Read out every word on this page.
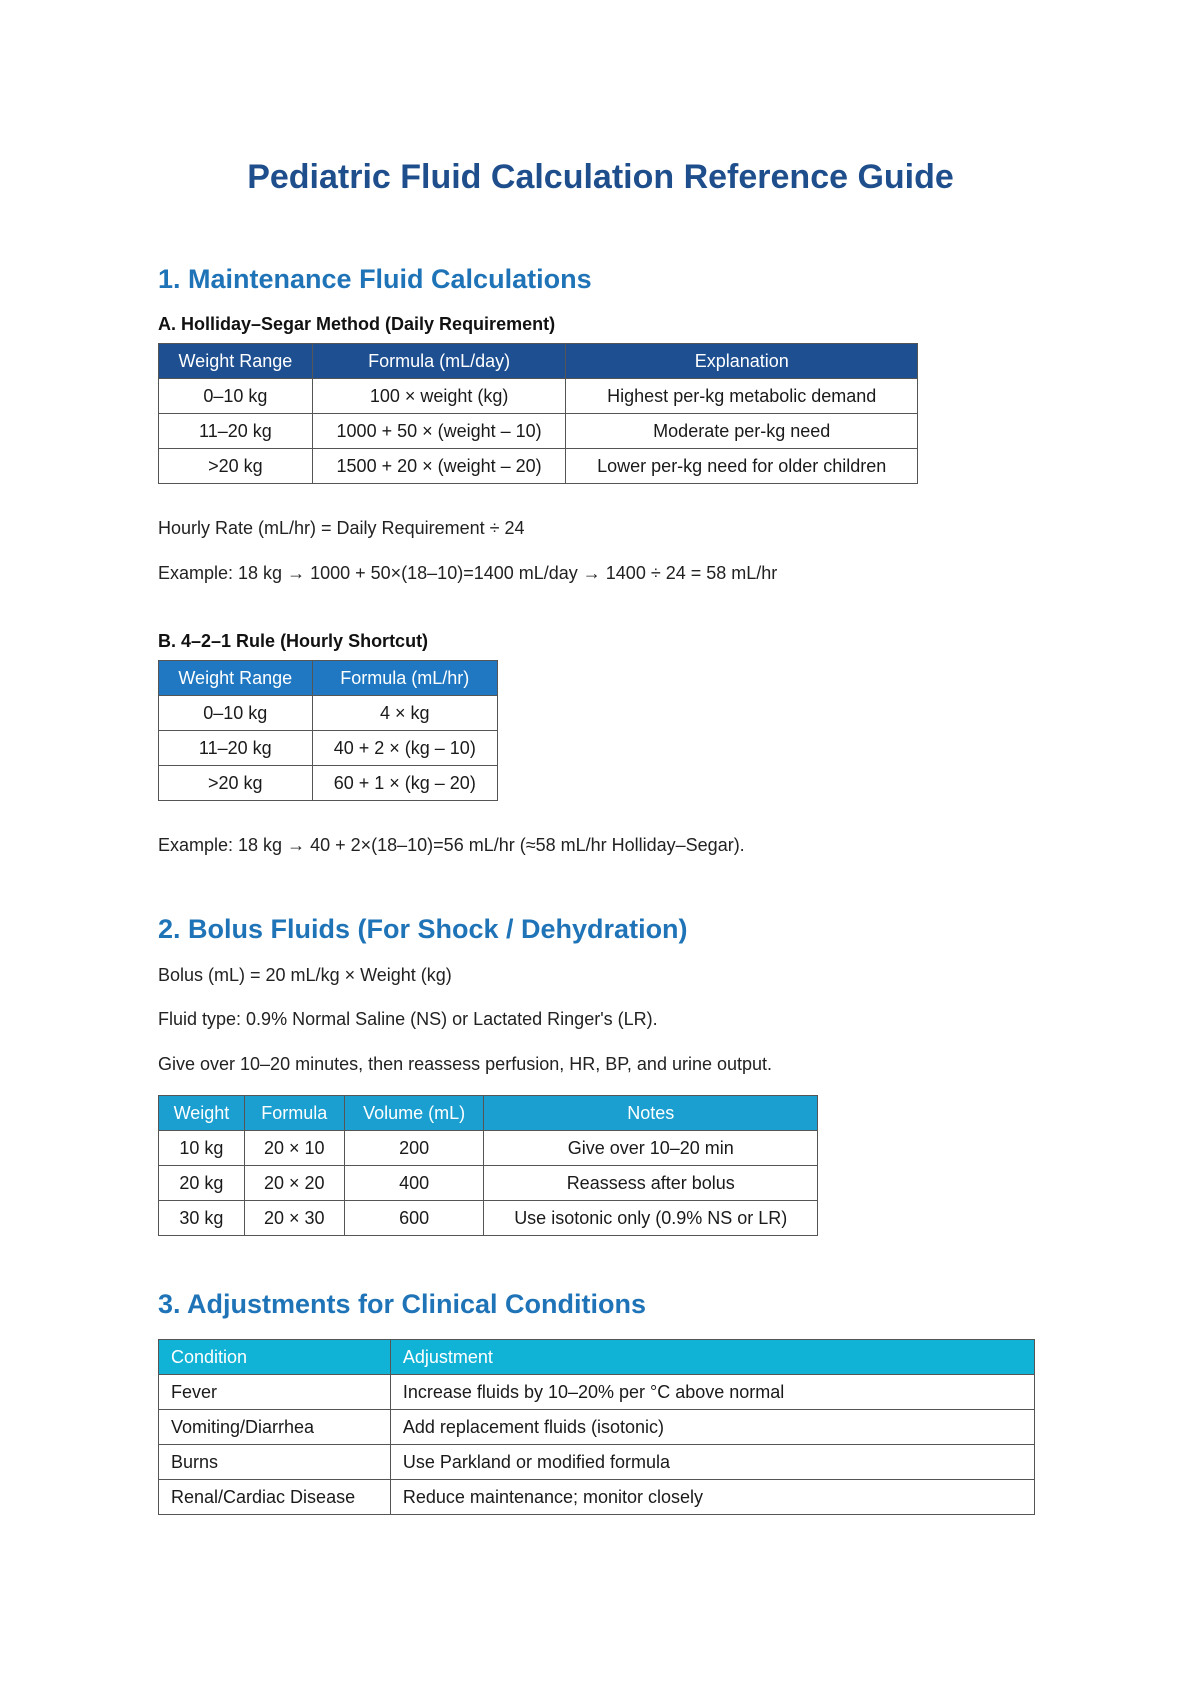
Pediatric Fluid Calculation Reference Guide
1. Maintenance Fluid Calculations
A. Holliday–Segar Method (Daily Requirement)
Weight Range	Formula (mL/day)	Explanation
0–10 kg	100 × weight (kg)	Highest per-kg metabolic demand
11–20 kg	1000 + 50 × (weight – 10)	Moderate per-kg need
>20 kg	1500 + 20 × (weight – 20)	Lower per-kg need for older children

Hourly Rate (mL/hr) = Daily Requirement ÷ 24

Example: 18 kg → 1000 + 50×(18–10)=1400 mL/day → 1400 ÷ 24 = 58 mL/hr

B. 4–2–1 Rule (Hourly Shortcut)
Weight Range	Formula (mL/hr)
0–10 kg	4 × kg
11–20 kg	40 + 2 × (kg – 10)
>20 kg	60 + 1 × (kg – 20)

Example: 18 kg → 40 + 2×(18–10)=56 mL/hr (≈58 mL/hr Holliday–Segar).

2. Bolus Fluids (For Shock / Dehydration)

Bolus (mL) = 20 mL/kg × Weight (kg)

Fluid type: 0.9% Normal Saline (NS) or Lactated Ringer's (LR).

Give over 10–20 minutes, then reassess perfusion, HR, BP, and urine output.

Weight	Formula	Volume (mL)	Notes
10 kg	20 × 10	200	Give over 10–20 min
20 kg	20 × 20	400	Reassess after bolus
30 kg	20 × 30	600	Use isotonic only (0.9% NS or LR)
3. Adjustments for Clinical Conditions
Condition	Adjustment
Fever	Increase fluids by 10–20% per °C above normal
Vomiting/Diarrhea	Add replacement fluids (isotonic)
Burns	Use Parkland or modified formula
Renal/Cardiac Disease	Reduce maintenance; monitor closely
